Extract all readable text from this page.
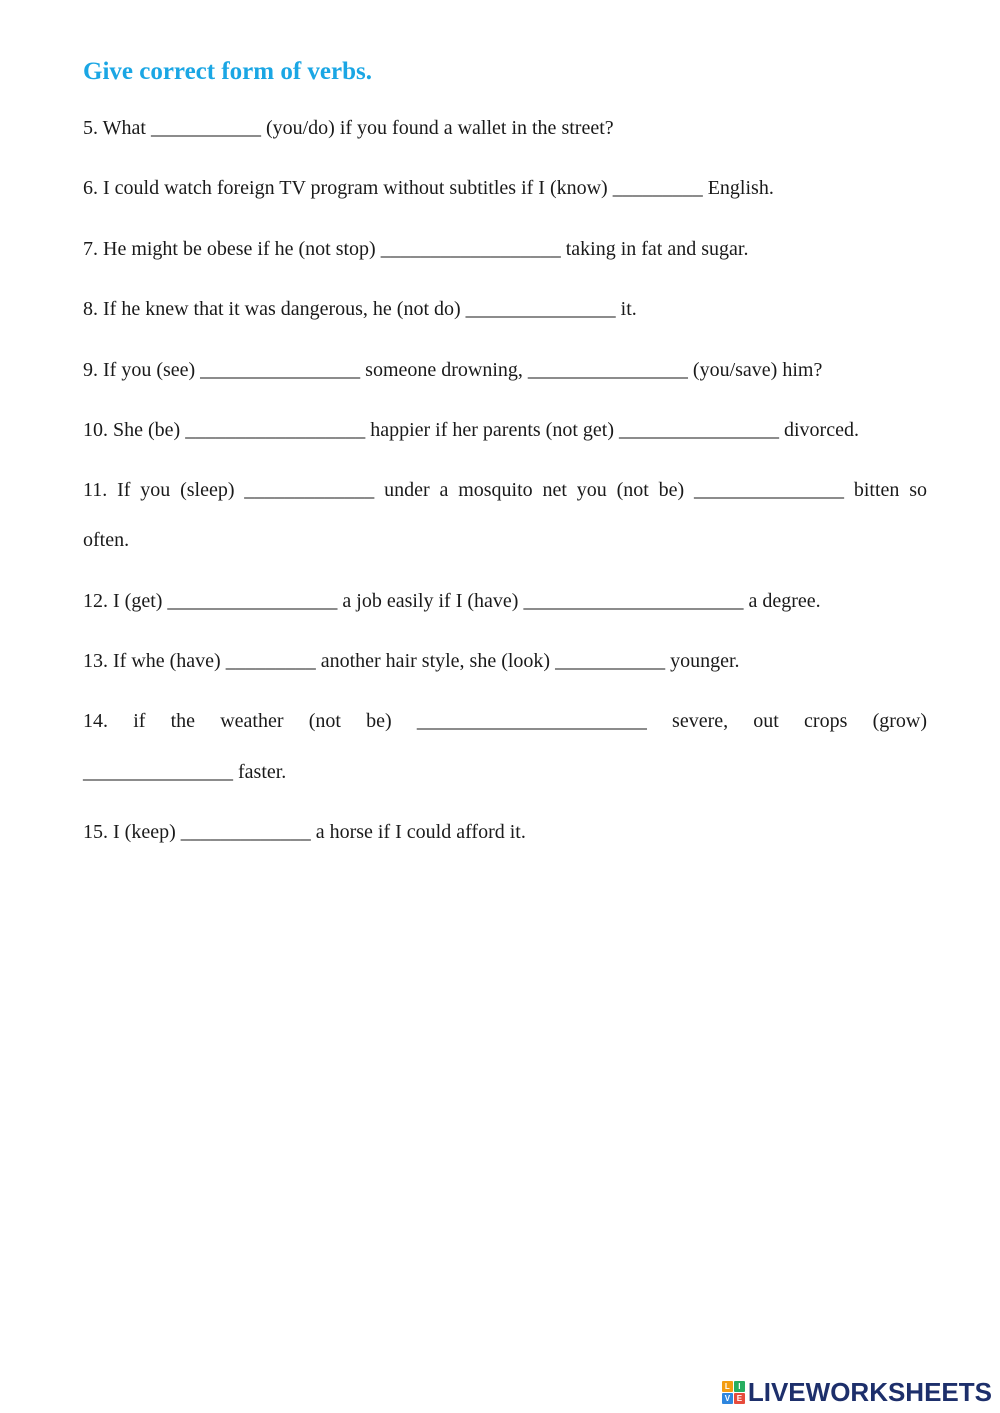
Give correct form of verbs.

5. What ___________ (you/do) if you found a wallet in the street?

6. I could watch foreign TV program without subtitles if I (know) _________ English.

7. He might be obese if he (not stop) __________________ taking in fat and sugar.

8. If he knew that it was dangerous, he (not do) _______________ it.

9. If you (see) ________________ someone drowning, ________________ (you/save) him?

10. She (be) __________________ happier if her parents (not get) ________________ divorced.

11. If you (sleep) _____________ under a mosquito net you (not be) _______________ bitten so

often.

12. I (get) _________________ a job easily if I (have) ______________________ a degree.

13. If whe (have) _________ another hair style, she (look) ___________ younger.

14. if the weather (not be) _______________________ severe, out crops (grow)

_______________ faster.

15. I (keep) _____________ a horse if I could afford it.

L	I
V E LIVEWORKSHEETS
